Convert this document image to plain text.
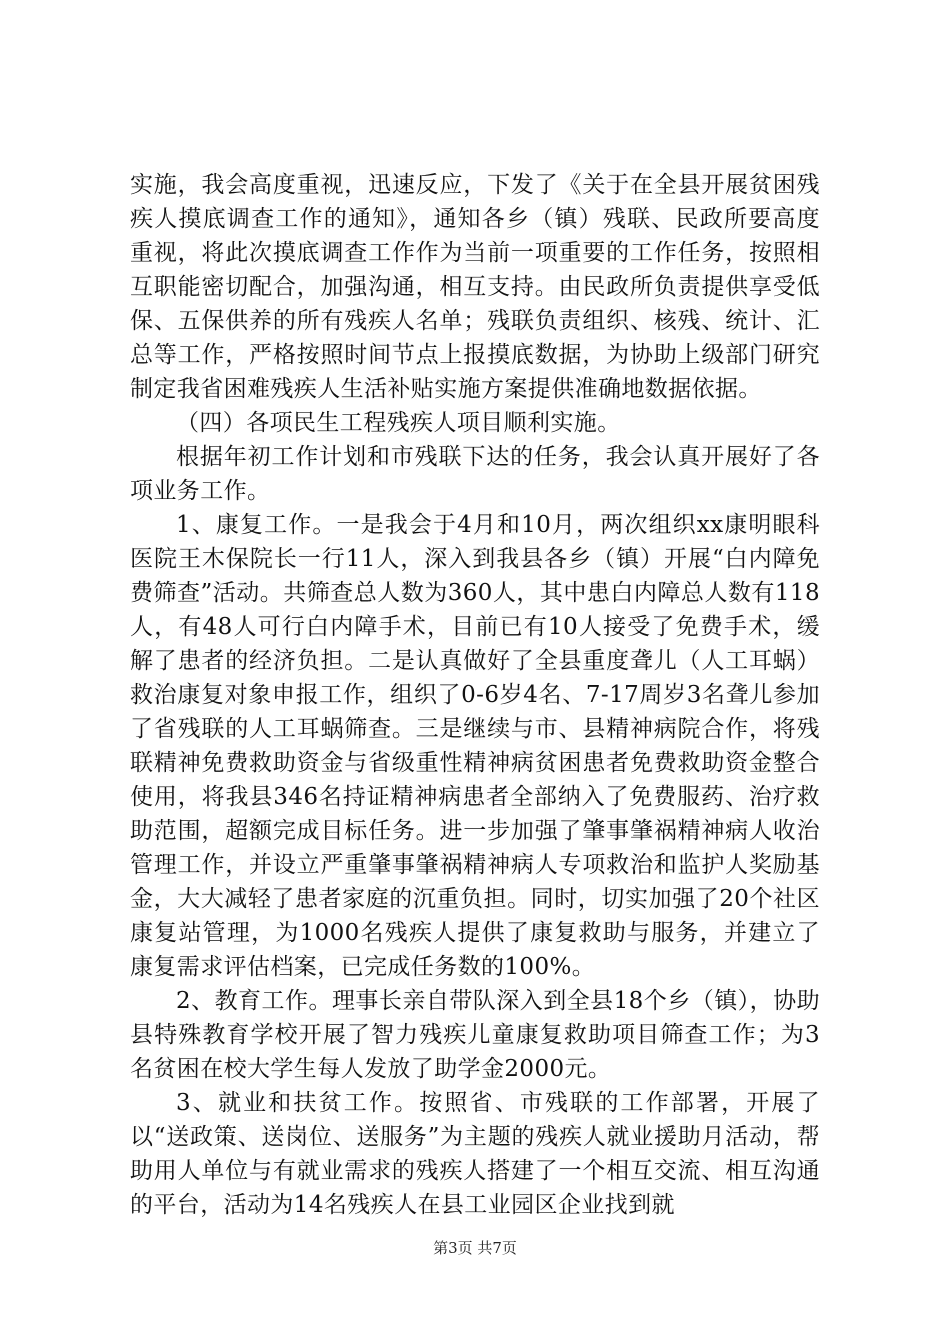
实施，我会高度重视，迅速反应，下发了《关于在全县开展贫困残疾人摸底调查工作的通知》，通知各乡（镇）残联、民政所要高度重视，将此次摸底调查工作作为当前一项重要的工作任务，按照相互职能密切配合，加强沟通，相互支持。由民政所负责提供享受低保、五保供养的所有残疾人名单；残联负责组织、核残、统计、汇总等工作，严格按照时间节点上报摸底数据，为协助上级部门研究制定我省困难残疾人生活补贴实施方案提供准确地数据依据。

（四）各项民生工程残疾人项目顺利实施。

根据年初工作计划和市残联下达的任务，我会认真开展好了各项业务工作。

1、康复工作。一是我会于4月和10月，两次组织xx康明眼科医院王木保院长一行11人，深入到我县各乡（镇）开展“白内障免费筛查”活动。共筛查总人数为360人，其中患白内障总人数有118人，有48人可行白内障手术，目前已有10人接受了免费手术，缓解了患者的经济负担。二是认真做好了全县重度聋儿（人工耳蜗）救治康复对象申报工作，组织了0-6岁4名、7-17周岁3名聋儿参加了省残联的人工耳蜗筛查。三是继续与市、县精神病院合作，将残联精神免费救助资金与省级重性精神病贫困患者免费救助资金整合使用，将我县346名持证精神病患者全部纳入了免费服药、治疗救助范围，超额完成目标任务。进一步加强了肇事肇祸精神病人收治管理工作，并设立严重肇事肇祸精神病人专项救治和监护人奖励基金，大大减轻了患者家庭的沉重负担。同时，切实加强了20个社区康复站管理，为1000名残疾人提供了康复救助与服务，并建立了康复需求评估档案，已完成任务数的100%。

2、教育工作。理事长亲自带队深入到全县18个乡（镇），协助县特殊教育学校开展了智力残疾儿童康复救助项目筛查工作；为3名贫困在校大学生每人发放了助学金2000元。

3、就业和扶贫工作。按照省、市残联的工作部署，开展了以“送政策、送岗位、送服务”为主题的残疾人就业援助月活动，帮助用人单位与有就业需求的残疾人搭建了一个相互交流、相互沟通的平台，活动为14名残疾人在县工业园区企业找到就

第3页 共7页
